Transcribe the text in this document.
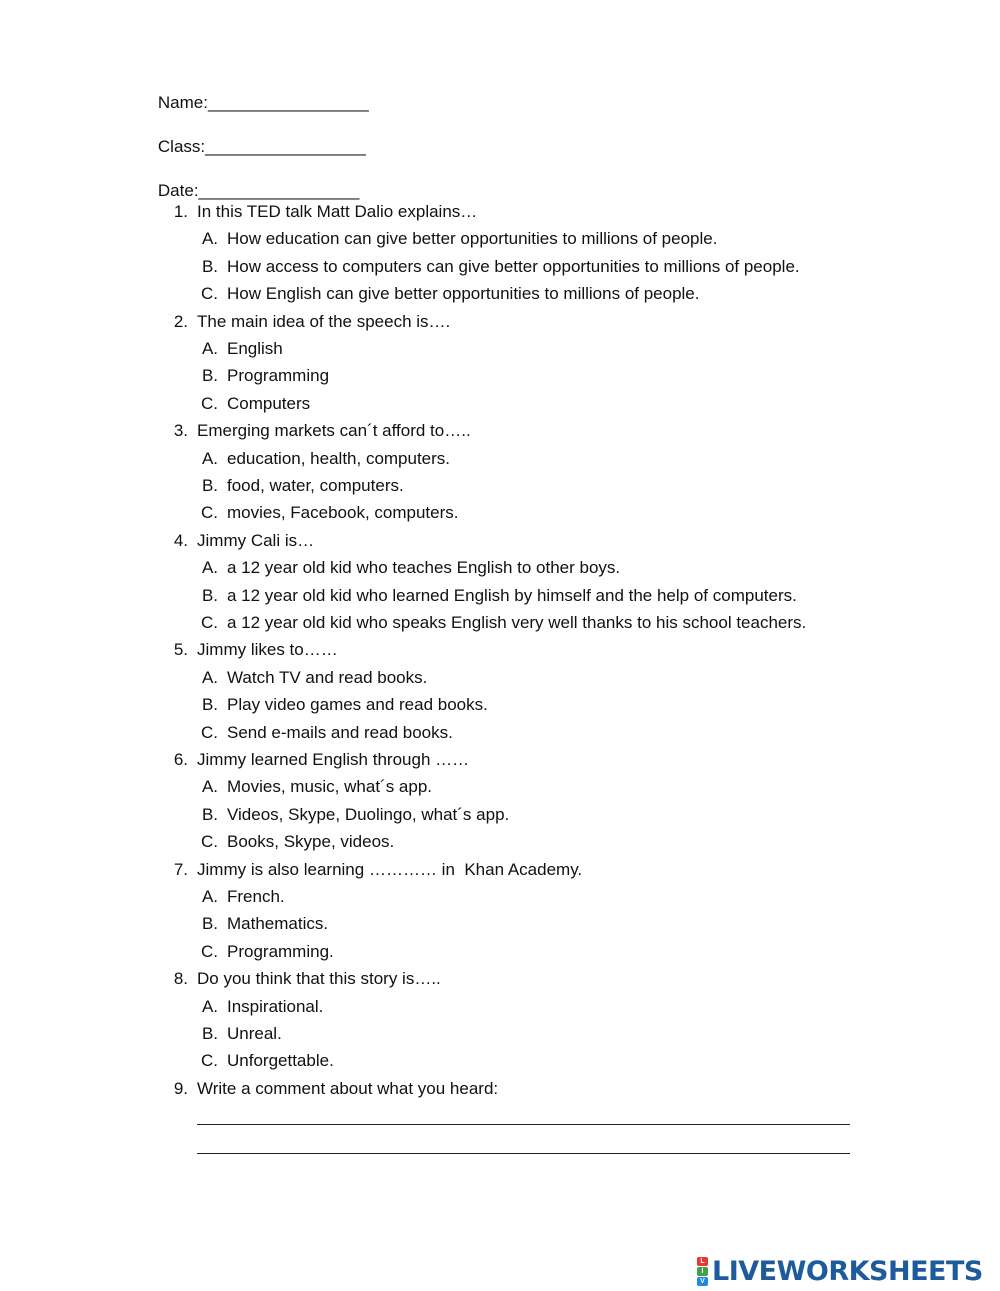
Name:_________________

Class:_________________

Date:_________________

1. In this TED talk Matt Dalio explains…
A. How education can give better opportunities to millions of people.
B. How access to computers can give better opportunities to millions of people.
C. How English can give better opportunities to millions of people.
2. The main idea of the speech is….
A. English
B. Programming
C. Computers
3. Emerging markets can´t afford to…..
A. education, health, computers.
B. food, water, computers.
C. movies, Facebook, computers.
4. Jimmy Cali is…
A. a 12 year old kid who teaches English to other boys.
B. a 12 year old kid who learned English by himself and the help of computers.
C. a 12 year old kid who speaks English very well thanks to his school teachers.
5. Jimmy likes to……
A. Watch TV and read books.
B. Play video games and read books.
C. Send e-mails and read books.
6. Jimmy learned English through ……
A. Movies, music, what´s app.
B. Videos, Skype, Duolingo, what´s app.
C. Books, Skype, videos.
7. Jimmy is also learning ………… in  Khan Academy.
A. French.
B. Mathematics.
C. Programming.
8. Do you think that this story is…..
A. Inspirational.
B. Unreal.
C. Unforgettable.
9. Write a comment about what you heard:
L
I
V LIVEWORKSHEETS
